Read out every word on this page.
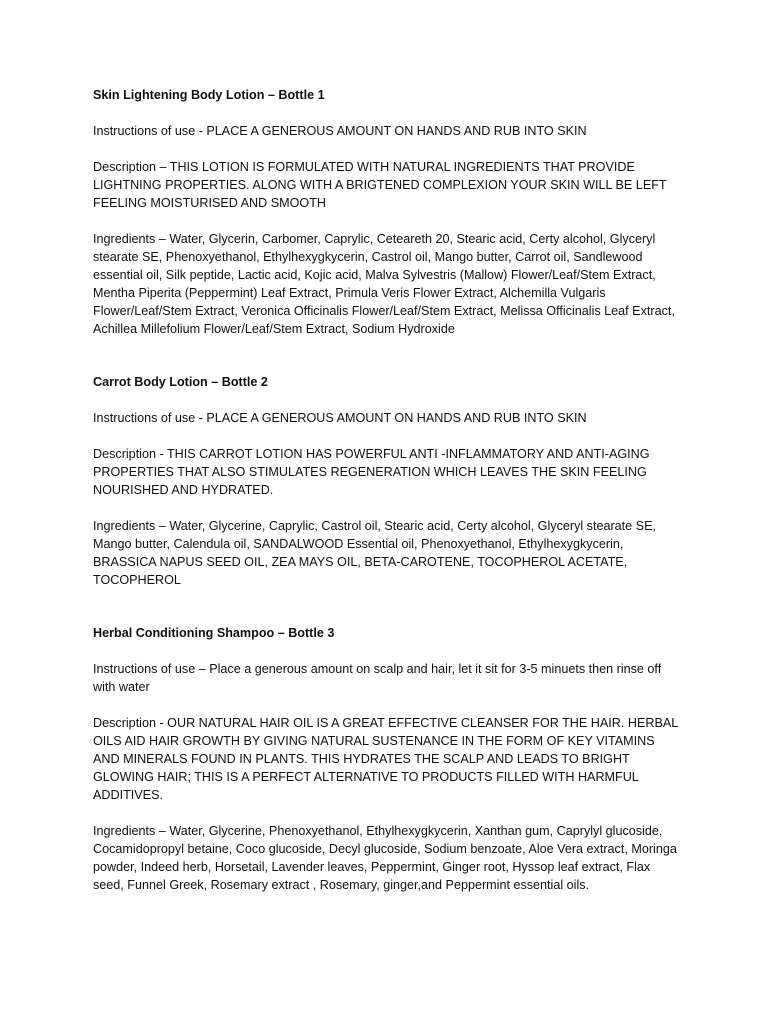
Skin Lightening Body Lotion – Bottle 1

Instructions of use - PLACE A GENEROUS AMOUNT ON HANDS AND RUB INTO SKIN

Description – THIS LOTION IS FORMULATED WITH NATURAL INGREDIENTS THAT PROVIDE LIGHTNING PROPERTIES. ALONG WITH A BRIGTENED COMPLEXION YOUR SKIN WILL BE LEFT FEELING MOISTURISED AND SMOOTH

Ingredients – Water, Glycerin, Carbomer, Caprylic, Ceteareth 20, Stearic acid, Certy alcohol, Glyceryl stearate SE, Phenoxyethanol, Ethylhexygkycerin, Castrol oil, Mango butter, Carrot oil, Sandlewood essential oil, Silk peptide, Lactic acid, Kojic acid, Malva Sylvestris (Mallow) Flower/Leaf/Stem Extract, Mentha Piperita (Peppermint) Leaf Extract, Primula Veris Flower Extract, Alchemilla Vulgaris Flower/Leaf/Stem Extract, Veronica Officinalis Flower/Leaf/Stem Extract, Melissa Officinalis Leaf Extract, Achillea Millefolium Flower/Leaf/Stem Extract, Sodium Hydroxide

Carrot Body Lotion – Bottle 2

Instructions of use - PLACE A GENEROUS AMOUNT ON HANDS AND RUB INTO SKIN

Description - THIS CARROT LOTION HAS POWERFUL ANTI -INFLAMMATORY AND ANTI-AGING PROPERTIES THAT ALSO STIMULATES REGENERATION WHICH LEAVES THE SKIN FEELING NOURISHED AND HYDRATED.

Ingredients – Water, Glycerine, Caprylic, Castrol oil, Stearic acid, Certy alcohol, Glyceryl stearate SE, Mango butter, Calendula oil, SANDALWOOD Essential oil, Phenoxyethanol, Ethylhexygkycerin, BRASSICA NAPUS SEED OIL, ZEA MAYS OIL, BETA-CAROTENE, TOCOPHEROL ACETATE, TOCOPHEROL

Herbal Conditioning Shampoo – Bottle 3

Instructions of use – Place a generous amount on scalp and hair, let it sit for 3-5 minuets then rinse off with water

Description - OUR NATURAL HAIR OIL IS A GREAT EFFECTIVE CLEANSER FOR THE HAIR. HERBAL OILS AID HAIR GROWTH BY GIVING NATURAL SUSTENANCE IN THE FORM OF KEY VITAMINS AND MINERALS FOUND IN PLANTS. THIS HYDRATES THE SCALP AND LEADS TO BRIGHT GLOWING HAIR; THIS IS A PERFECT ALTERNATIVE TO PRODUCTS FILLED WITH HARMFUL ADDITIVES.

Ingredients – Water, Glycerine, Phenoxyethanol, Ethylhexygkycerin, Xanthan gum, Caprylyl glucoside, Cocamidopropyl betaine, Coco glucoside, Decyl glucoside, Sodium benzoate, Aloe Vera extract, Moringa powder, Indeed herb, Horsetail, Lavender leaves, Peppermint, Ginger root, Hyssop leaf extract, Flax seed, Funnel Greek, Rosemary extract , Rosemary, ginger,and Peppermint essential oils.
